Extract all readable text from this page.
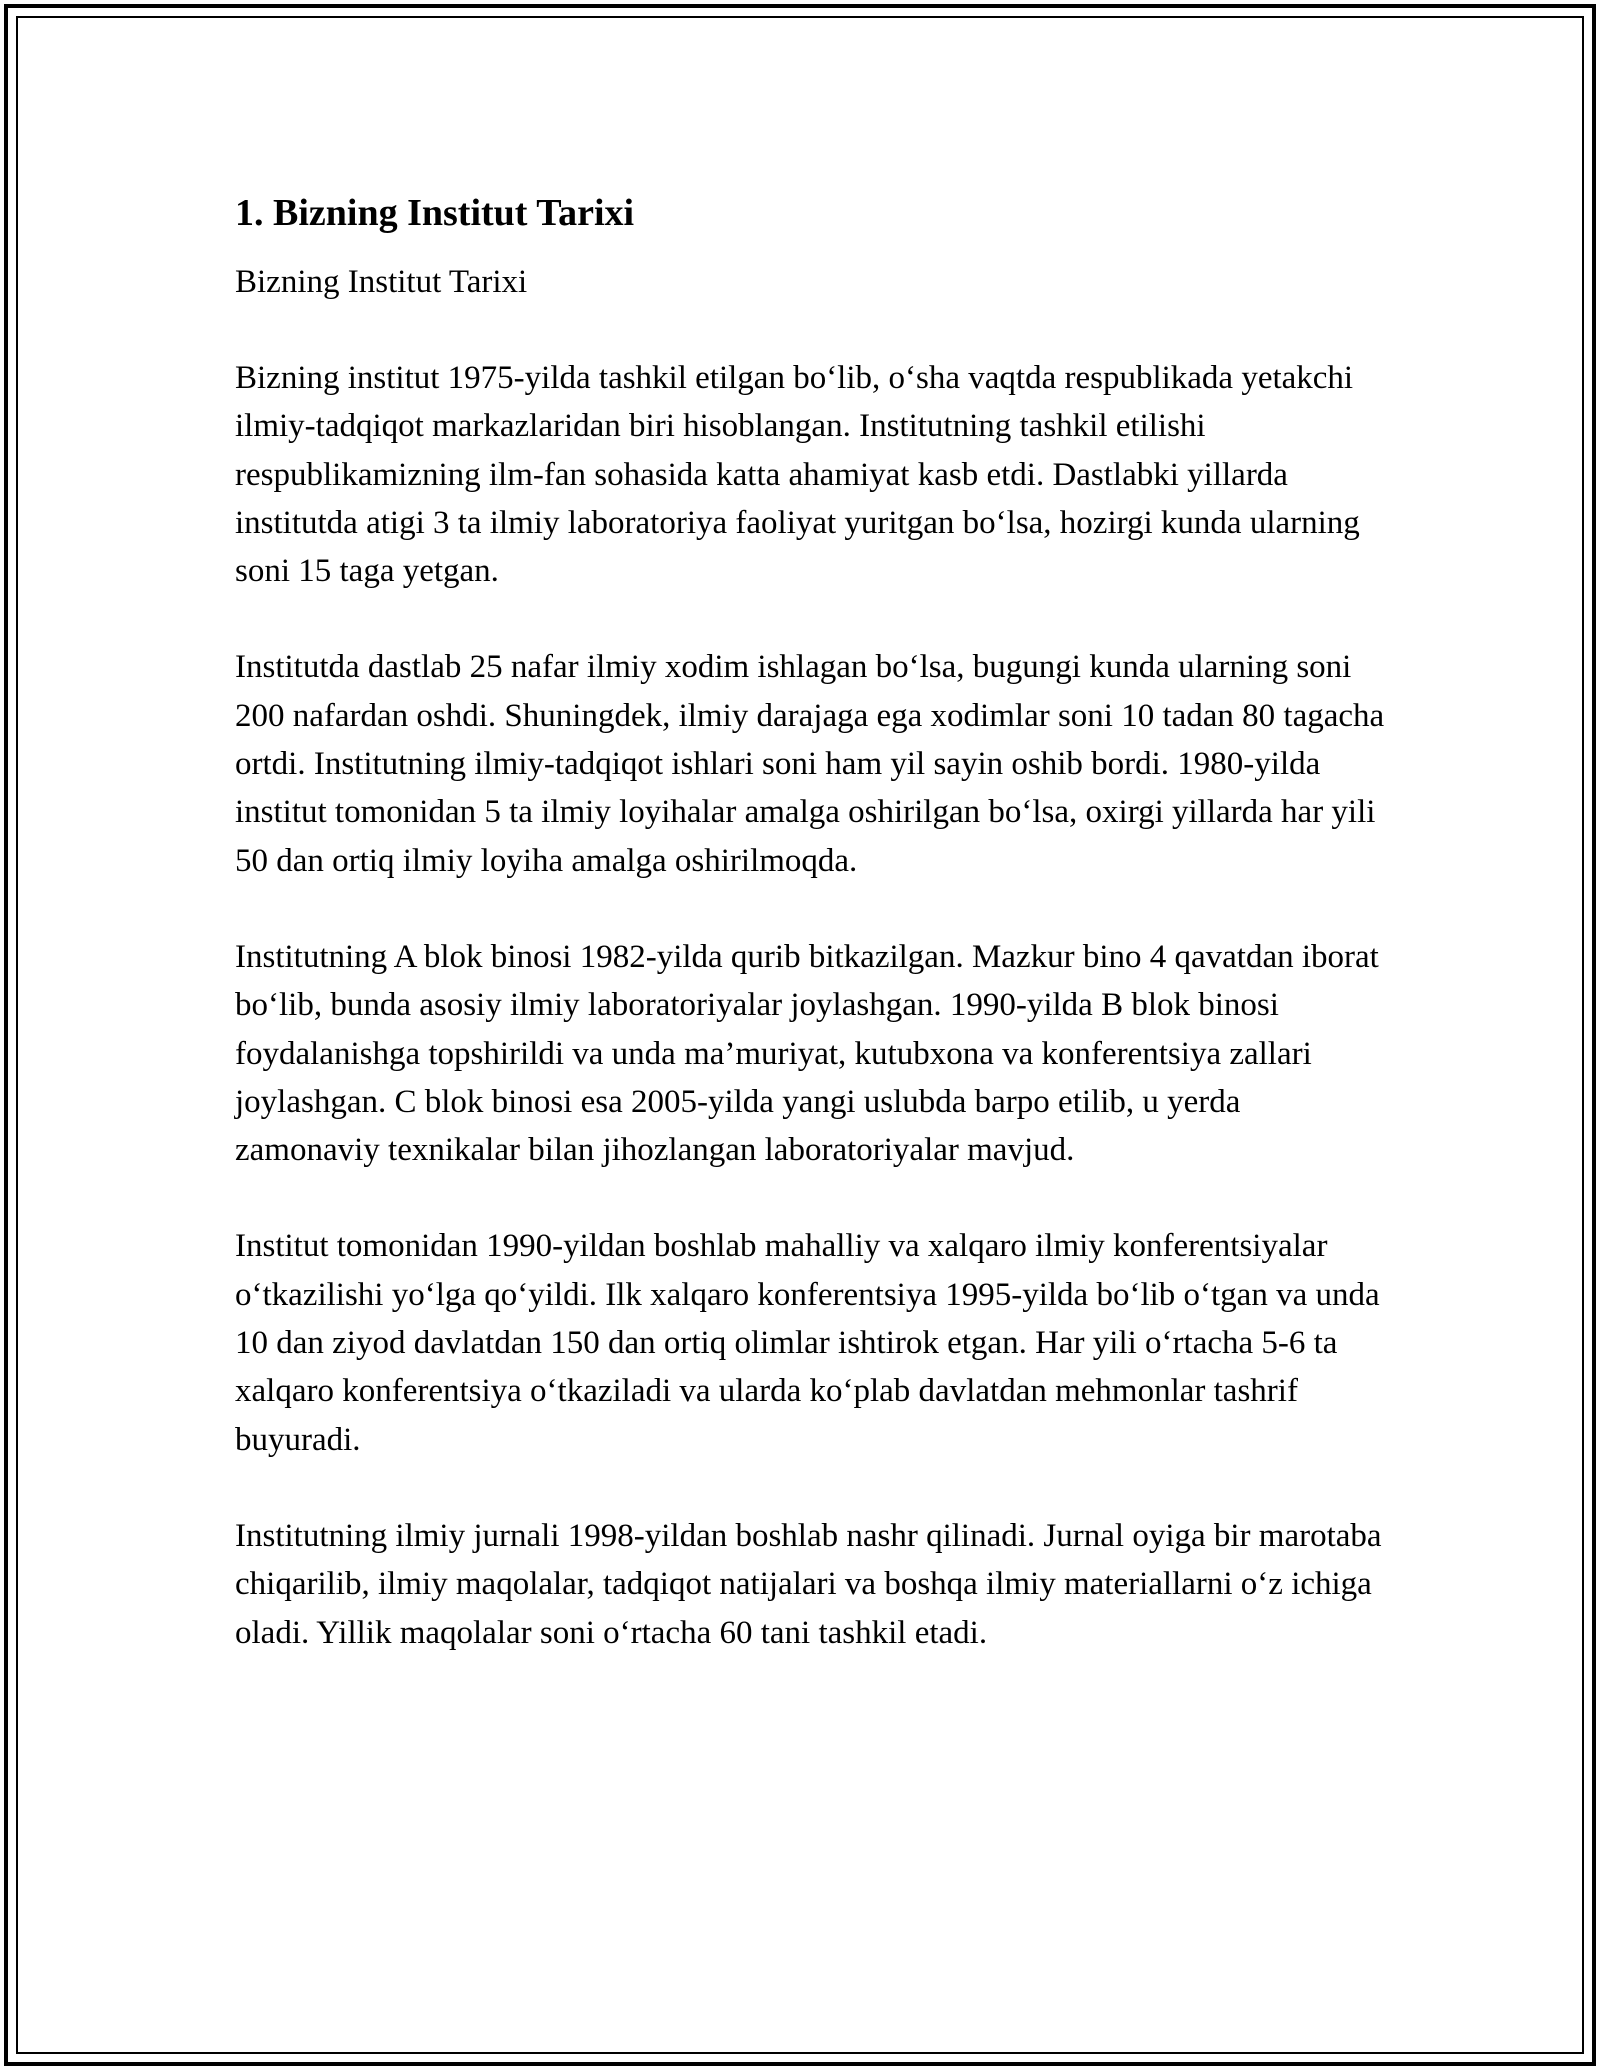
1. Bizning Institut Tarixi

Bizning Institut Tarixi

Bizning institut 1975-yilda tashkil etilgan bo‘lib, o‘sha vaqtda respublikada yetakchi ilmiy-tadqiqot markazlaridan biri hisoblangan. Institutning tashkil etilishi respublikamizning ilm-fan sohasida katta ahamiyat kasb etdi. Dastlabki yillarda institutda atigi 3 ta ilmiy laboratoriya faoliyat yuritgan bo‘lsa, hozirgi kunda ularning soni 15 taga yetgan.

Institutda dastlab 25 nafar ilmiy xodim ishlagan bo‘lsa, bugungi kunda ularning soni 200 nafardan oshdi. Shuningdek, ilmiy darajaga ega xodimlar soni 10 tadan 80 tagacha ortdi. Institutning ilmiy-tadqiqot ishlari soni ham yil sayin oshib bordi. 1980-yilda institut tomonidan 5 ta ilmiy loyihalar amalga oshirilgan bo‘lsa, oxirgi yillarda har yili 50 dan ortiq ilmiy loyiha amalga oshirilmoqda.

Institutning A blok binosi 1982-yilda qurib bitkazilgan. Mazkur bino 4 qavatdan iborat bo‘lib, bunda asosiy ilmiy laboratoriyalar joylashgan. 1990-yilda B blok binosi foydalanishga topshirildi va unda ma’muriyat, kutubxona va konferentsiya zallari joylashgan. C blok binosi esa 2005-yilda yangi uslubda barpo etilib, u yerda zamonaviy texnikalar bilan jihozlangan laboratoriyalar mavjud.

Institut tomonidan 1990-yildan boshlab mahalliy va xalqaro ilmiy konferentsiyalar o‘tkazilishi yo‘lga qo‘yildi. Ilk xalqaro konferentsiya 1995-yilda bo‘lib o‘tgan va unda 10 dan ziyod davlatdan 150 dan ortiq olimlar ishtirok etgan. Har yili o‘rtacha 5-6 ta xalqaro konferentsiya o‘tkaziladi va ularda ko‘plab davlatdan mehmonlar tashrif buyuradi.

Institutning ilmiy jurnali 1998-yildan boshlab nashr qilinadi. Jurnal oyiga bir marotaba chiqarilib, ilmiy maqolalar, tadqiqot natijalari va boshqa ilmiy materiallarni o‘z ichiga oladi. Yillik maqolalar soni o‘rtacha 60 tani tashkil etadi.
